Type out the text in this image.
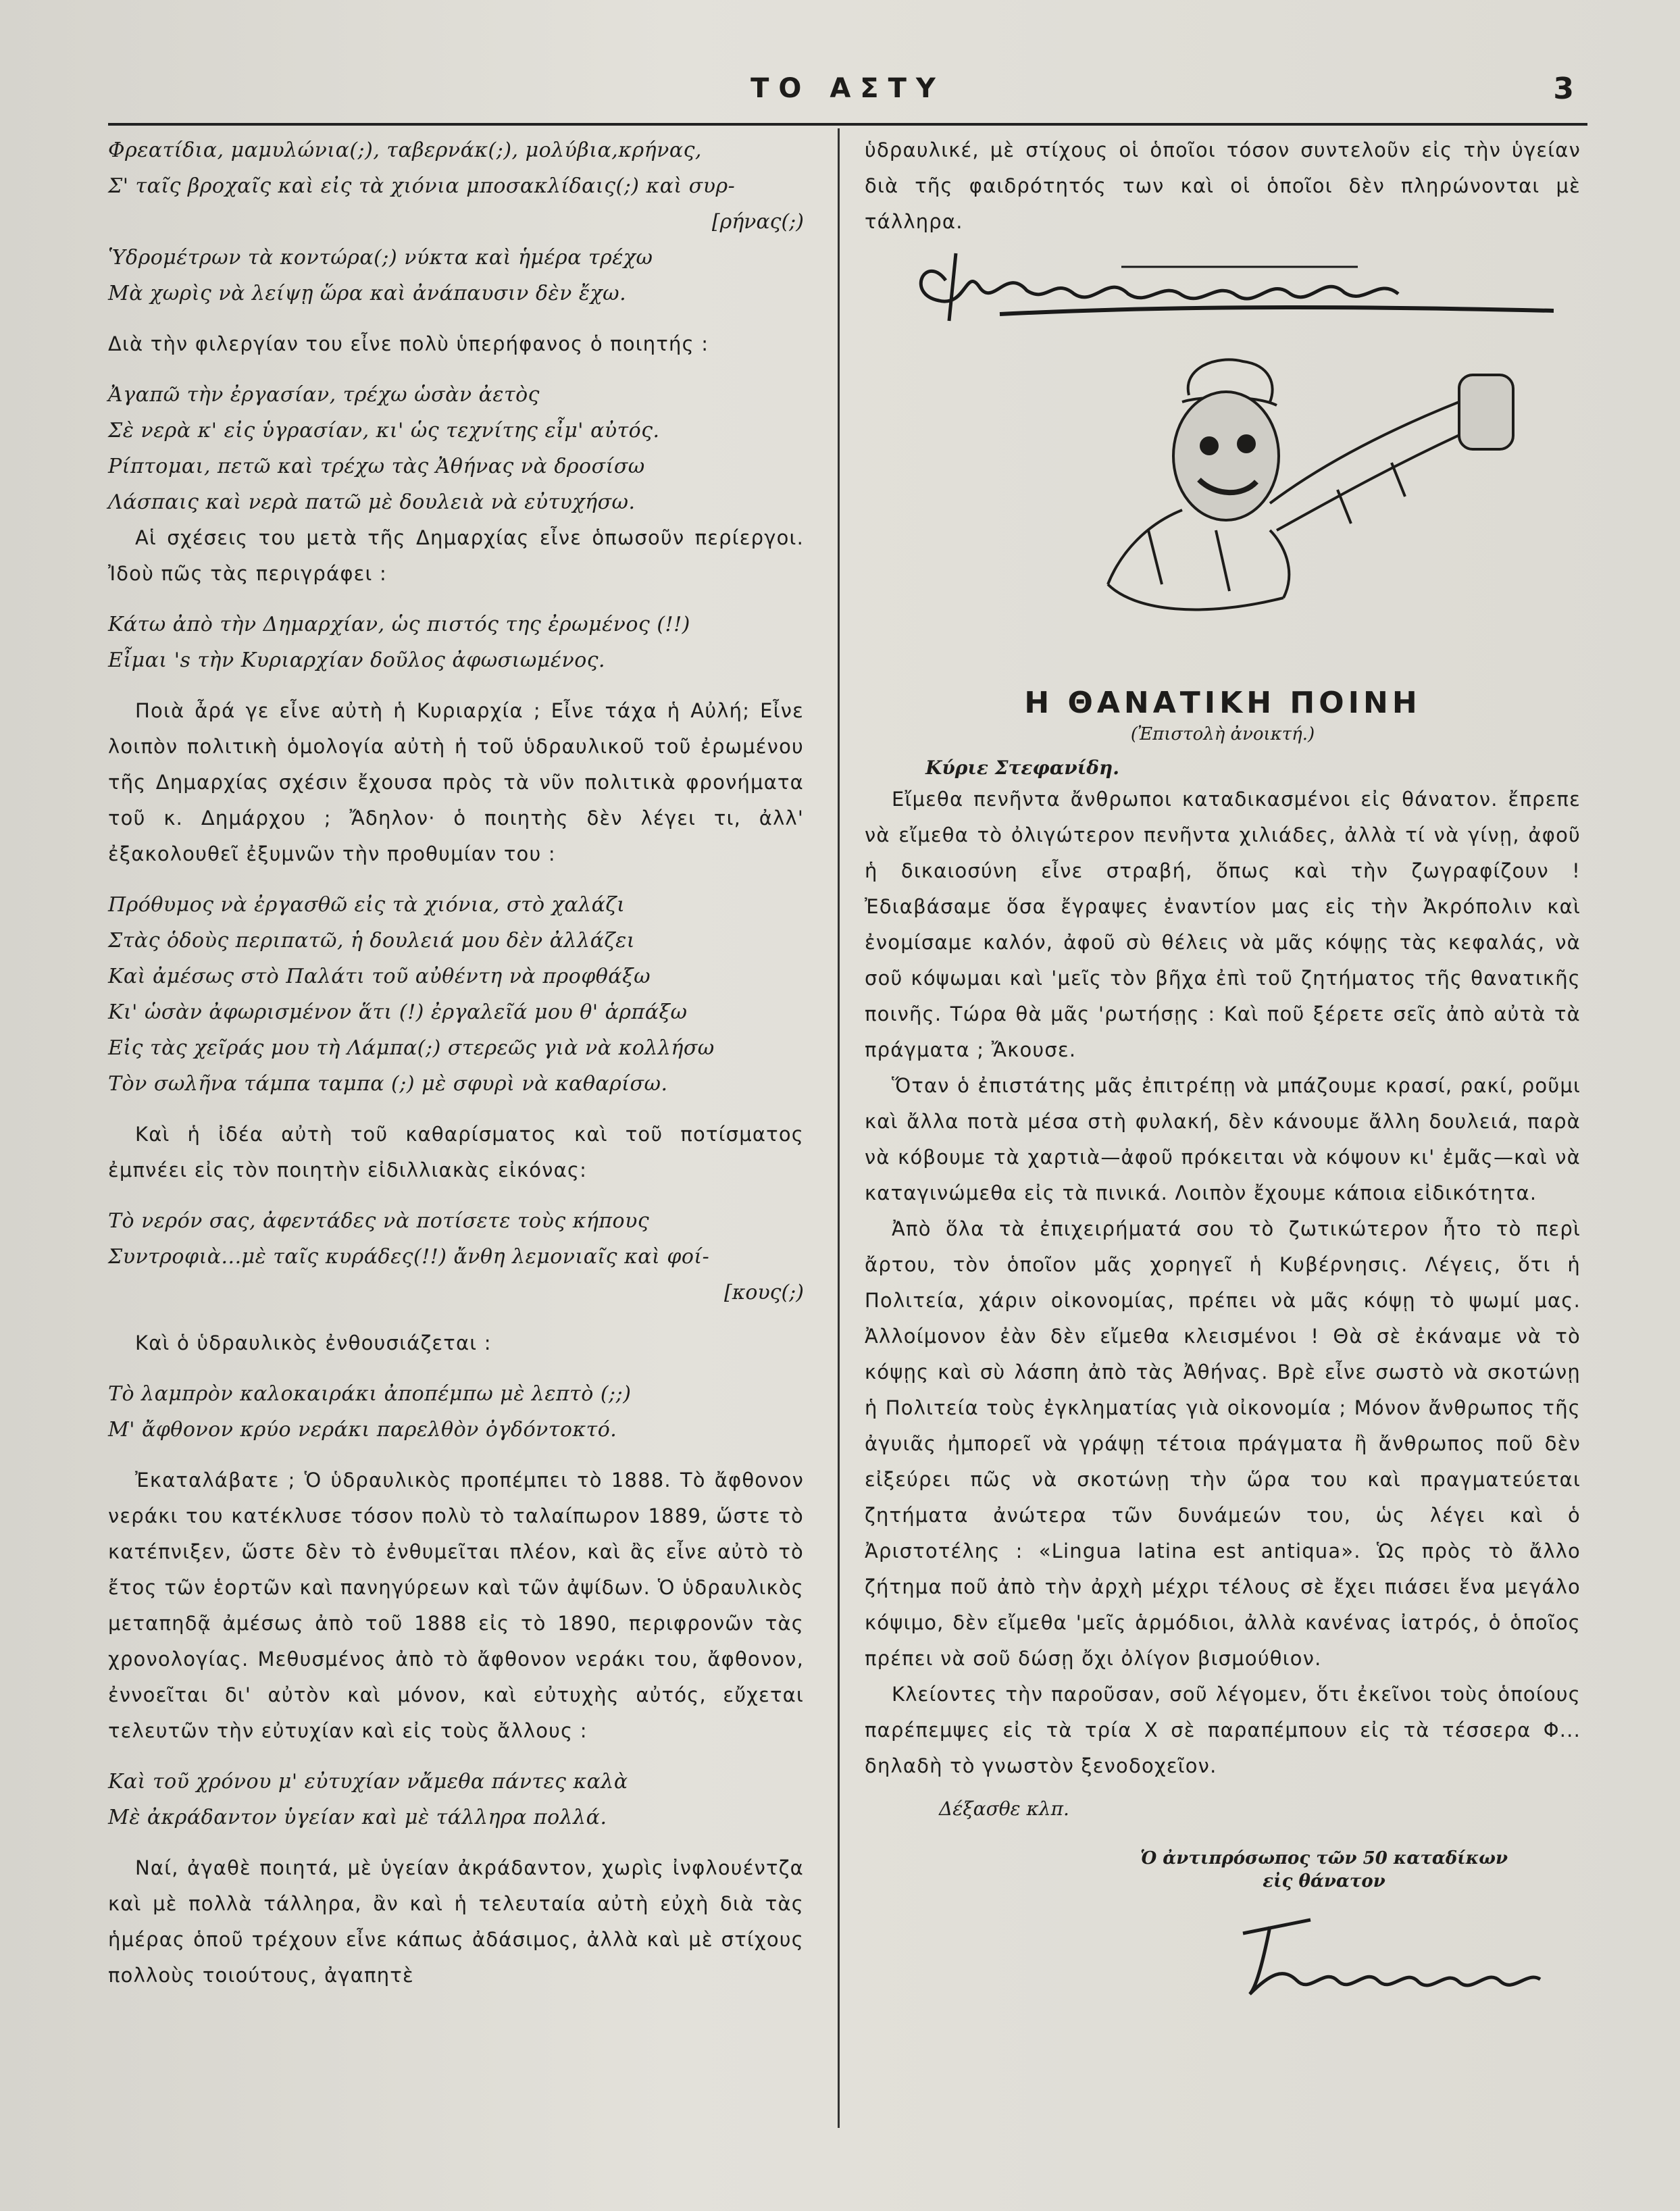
ΤΟ ΑΣΤΥ	3

Φρεατίδια, μαμυλώνια(;), ταβερνάκ(;), μολύβια,κρήνας,

Σ' ταῖς βροχαῖς καὶ εἰς τὰ χιόνια μποσακλίδαις(;) καὶ συρ-

[ρήνας(;)

Ὑδρομέτρων τὰ κοντώρα(;) νύκτα καὶ ἡμέρα τρέχω

Μὰ χωρὶς νὰ λείψῃ ὥρα καὶ ἀνάπαυσιν δὲν ἔχω.

Διὰ τὴν φιλεργίαν του εἶνε πολὺ ὑπερήφανος ὁ ποιητής :

Ἀγαπῶ τὴν ἐργασίαν, τρέχω ὡσὰν ἀετὸς

Σὲ νερὰ κ' εἰς ὑγρασίαν, κι' ὡς τεχνίτης εἶμ' αὐτός.

Ρίπτομαι, πετῶ καὶ τρέχω τὰς Ἀθήνας νὰ δροσίσω

Λάσπαις καὶ νερὰ πατῶ μὲ δουλειὰ νὰ εὐτυχήσω.

Αἱ σχέσεις του μετὰ τῆς Δημαρχίας εἶνε ὁπωσοῦν περίεργοι. Ἰδοὺ πῶς τὰς περιγράφει :

Κάτω ἀπὸ τὴν Δημαρχίαν, ὡς πιστός της ἐρωμένος (!!)

Εἶμαι 's τὴν Κυριαρχίαν δοῦλος ἀφωσιωμένος.

Ποιὰ ἆρά γε εἶνε αὐτὴ ἡ Κυριαρχία ; Εἶνε τάχα ἡ Αὐλή; Εἶνε λοιπὸν πολιτικὴ ὁμολογία αὐτὴ ἡ τοῦ ὑδραυλικοῦ τοῦ ἐρωμένου τῆς Δημαρχίας σχέσιν ἔχουσα πρὸς τὰ νῦν πολιτικὰ φρονήματα τοῦ κ. Δημάρχου ; Ἄδηλον· ὁ ποιητὴς δὲν λέγει τι, ἀλλ' ἐξακολουθεῖ ἐξυμνῶν τὴν προθυμίαν του :

Πρόθυμος νὰ ἐργασθῶ εἰς τὰ χιόνια, στὸ χαλάζι

Στὰς ὁδοὺς περιπατῶ, ἡ δουλειά μου δὲν ἀλλάζει

Καὶ ἀμέσως στὸ Παλάτι τοῦ αὐθέντη νὰ προφθάξω

Κι' ὡσὰν ἀφωρισμένον ἅτι (!) ἐργαλεῖά μου θ' ἁρπάξω

Εἰς τὰς χεῖράς μου τὴ Λάμπα(;) στερεῶς γιὰ νὰ κολλήσω

Τὸν σωλῆνα τάμπα ταμπα (;) μὲ σφυρὶ νὰ καθαρίσω.

Καὶ ἡ ἰδέα αὐτὴ τοῦ καθαρίσματος καὶ τοῦ ποτίσματος ἐμπνέει εἰς τὸν ποιητὴν εἰδιλλιακὰς εἰκόνας:

Τὸ νερόν σας, ἀφεντάδες νὰ ποτίσετε τοὺς κήπους

Συντροφιὰ...μὲ ταῖς κυράδες(!!) ἄνθη λεμονιαῖς καὶ φοί-

[κους(;)

Καὶ ὁ ὑδραυλικὸς ἐνθουσιάζεται :

Τὸ λαμπρὸν καλοκαιράκι ἀποπέμπω μὲ λεπτὸ (;;)

Μ' ἄφθονον κρύο νεράκι παρελθὸν ὀγδόντοκτό.

Ἐκαταλάβατε ; Ὁ ὑδραυλικὸς προπέμπει τὸ 1888. Τὸ ἄφθονον νεράκι του κατέκλυσε τόσον πολὺ τὸ ταλαίπωρον 1889, ὥστε τὸ κατέπνιξεν, ὥστε δὲν τὸ ἐνθυμεῖται πλέον, καὶ ἂς εἶνε αὐτὸ τὸ ἔτος τῶν ἑορτῶν καὶ πανηγύρεων καὶ τῶν ἀψίδων. Ὁ ὑδραυλικὸς μεταπηδᾷ ἀμέσως ἀπὸ τοῦ 1888 εἰς τὸ 1890, περιφρονῶν τὰς χρονολογίας. Μεθυσμένος ἀπὸ τὸ ἄφθονον νεράκι του, ἄφθονον, ἐννοεῖται δι' αὐτὸν καὶ μόνον, καὶ εὐτυχὴς αὐτός, εὔχεται τελευτῶν τὴν εὐτυχίαν καὶ εἰς τοὺς ἄλλους :

Καὶ τοῦ χρόνου μ' εὐτυχίαν νἄμεθα πάντες καλὰ

Μὲ ἀκράδαντον ὑγείαν καὶ μὲ τάλληρα πολλά.

Ναί, ἀγαθὲ ποιητά, μὲ ὑγείαν ἀκράδαντον, χωρὶς ἰνφλουέντζα καὶ μὲ πολλὰ τάλληρα, ἂν καὶ ἡ τελευταία αὐτὴ εὐχὴ διὰ τὰς ἡμέρας ὁποῦ τρέχουν εἶνε κάπως ἀδάσιμος, ἀλλὰ καὶ μὲ στίχους πολλοὺς τοιούτους, ἀγαπητὲ

ὑδραυλικέ, μὲ στίχους οἱ ὁποῖοι τόσον συντελοῦν εἰς τὴν ὑγείαν διὰ τῆς φαιδρότητός των καὶ οἱ ὁποῖοι δὲν πληρώνονται μὲ τάλληρα.

Η ΘΑΝΑΤΙΚΗ ΠΟΙΝΗ
(Ἐπιστολὴ ἀνοικτή.)
Κύριε Στεφανίδη.

Εἴμεθα πενῆντα ἄνθρωποι καταδικασμένοι εἰς θάνατον. ἔπρεπε νὰ εἴμεθα τὸ ὀλιγώτερον πενῆντα χιλιάδες, ἀλλὰ τί νὰ γίνῃ, ἀφοῦ ἡ δικαιοσύνη εἶνε στραβή, ὅπως καὶ τὴν ζωγραφίζουν ! Ἐδιαβάσαμε ὅσα ἔγραψες ἐναντίον μας εἰς τὴν Ἀκρόπολιν καὶ ἐνομίσαμε καλόν, ἀφοῦ σὺ θέλεις νὰ μᾶς κόψῃς τὰς κεφαλάς, νὰ σοῦ κόψωμαι καὶ 'μεῖς τὸν βῆχα ἐπὶ τοῦ ζητήματος τῆς θανατικῆς ποινῆς. Τώρα θὰ μᾶς 'ρωτήσῃς : Καὶ ποῦ ξέρετε σεῖς ἀπὸ αὐτὰ τὰ πράγματα ; Ἄκουσε.

Ὅταν ὁ ἐπιστάτης μᾶς ἐπιτρέπῃ νὰ μπάζουμε κρασί, ρακί, ροῦμι καὶ ἄλλα ποτὰ μέσα στὴ φυλακή, δὲν κάνουμε ἄλλη δουλειά, παρὰ νὰ κόβουμε τὰ χαρτιὰ—ἀφοῦ πρόκειται νὰ κόψουν κι' ἐμᾶς—καὶ νὰ καταγινώμεθα εἰς τὰ πινικά. Λοιπὸν ἔχουμε κάποια εἰδικότητα.

Ἀπὸ ὅλα τὰ ἐπιχειρήματά σου τὸ ζωτικώτερον ἦτο τὸ περὶ ἄρτου, τὸν ὁποῖον μᾶς χορηγεῖ ἡ Κυβέρνησις. Λέγεις, ὅτι ἡ Πολιτεία, χάριν οἰκονομίας, πρέπει νὰ μᾶς κόψῃ τὸ ψωμί μας. Ἀλλοίμονον ἐὰν δὲν εἴμεθα κλεισμένοι ! Θὰ σὲ ἐκάναμε νὰ τὸ κόψῃς καὶ σὺ λάσπη ἀπὸ τὰς Ἀθήνας. Βρὲ εἶνε σωστὸ νὰ σκοτώνῃ ἡ Πολιτεία τοὺς ἐγκληματίας γιὰ οἰκονομία ; Μόνον ἄνθρωπος τῆς ἀγυιᾶς ἠμπορεῖ νὰ γράψῃ τέτοια πράγματα ἢ ἄνθρωπος ποῦ δὲν εἰξεύρει πῶς νὰ σκοτώνῃ τὴν ὥρα του καὶ πραγματεύεται ζητήματα ἀνώτερα τῶν δυνάμεών του, ὡς λέγει καὶ ὁ Ἀριστοτέλης : «Lingua latina est antiqua». Ὡς πρὸς τὸ ἄλλο ζήτημα ποῦ ἀπὸ τὴν ἀρχὴ μέχρι τέλους σὲ ἔχει πιάσει ἕνα μεγάλο κόψιμο, δὲν εἴμεθα 'μεῖς ἁρμόδιοι, ἀλλὰ κανένας ἰατρός, ὁ ὁποῖος πρέπει νὰ σοῦ δώσῃ ὄχι ὀλίγον βισμούθιον.

Κλείοντες τὴν παροῦσαν, σοῦ λέγομεν, ὅτι ἐκεῖνοι τοὺς ὁποίους παρέπεμψες εἰς τὰ τρία Χ σὲ παραπέμπουν εἰς τὰ τέσσερα Φ... δηλαδὴ τὸ γνωστὸν ξενοδοχεῖον.

Δέξασθε κλπ.
Ὁ ἀντιπρόσωπος τῶν 50 καταδίκων
εἰς θάνατον
